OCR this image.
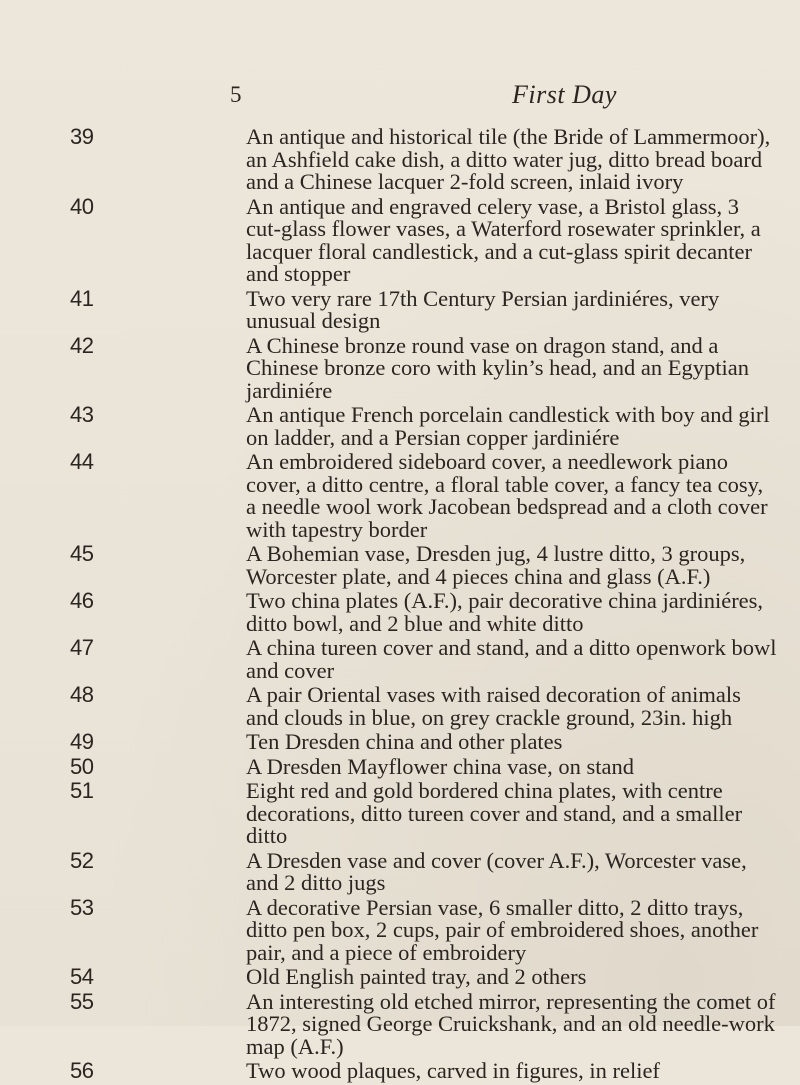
5	First Day
39	An antique and historical tile (the Bride of Lammermoor), an Ashfield cake dish, a ditto water jug, ditto bread board and a Chinese lacquer 2-fold screen, inlaid ivory
40	An antique and engraved celery vase, a Bristol glass, 3 cut-glass flower vases, a Waterford rosewater sprinkler, a lacquer floral candlestick, and a cut-glass spirit decanter and stopper
41	Two very rare 17th Century Persian jardiniéres, very unusual design
42	A Chinese bronze round vase on dragon stand, and a Chinese bronze coro with kylin’s head, and an Egyptian jardiniére
43	An antique French porcelain candlestick with boy and girl on ladder, and a Persian copper jardiniére
44	An embroidered sideboard cover, a needlework piano cover, a ditto centre, a floral table cover, a fancy tea cosy, a needle wool work Jacobean bedspread and a cloth cover with tapestry border
45	A Bohemian vase, Dresden jug, 4 lustre ditto, 3 groups, Worcester plate, and 4 pieces china and glass (A.F.)
46	Two china plates (A.F.), pair decorative china jardiniéres, ditto bowl, and 2 blue and white ditto
47	A china tureen cover and stand, and a ditto openwork bowl and cover
48	A pair Oriental vases with raised decoration of animals and clouds in blue, on grey crackle ground, 23in. high
49	Ten Dresden china and other plates
50	A Dresden Mayflower china vase, on stand
51	Eight red and gold bordered china plates, with centre decorations, ditto tureen cover and stand, and a smaller ditto
52	A Dresden vase and cover (cover A.F.), Worcester vase, and 2 ditto jugs
53	A decorative Persian vase, 6 smaller ditto, 2 ditto trays, ditto pen box, 2 cups, pair of embroidered shoes, another pair, and a piece of embroidery
54	Old English painted tray, and 2 others
55	An interesting old etched mirror, representing the comet of 1872, signed George Cruickshank, and an old needle-work map (A.F.)
56	Two wood plaques, carved in figures, in relief
